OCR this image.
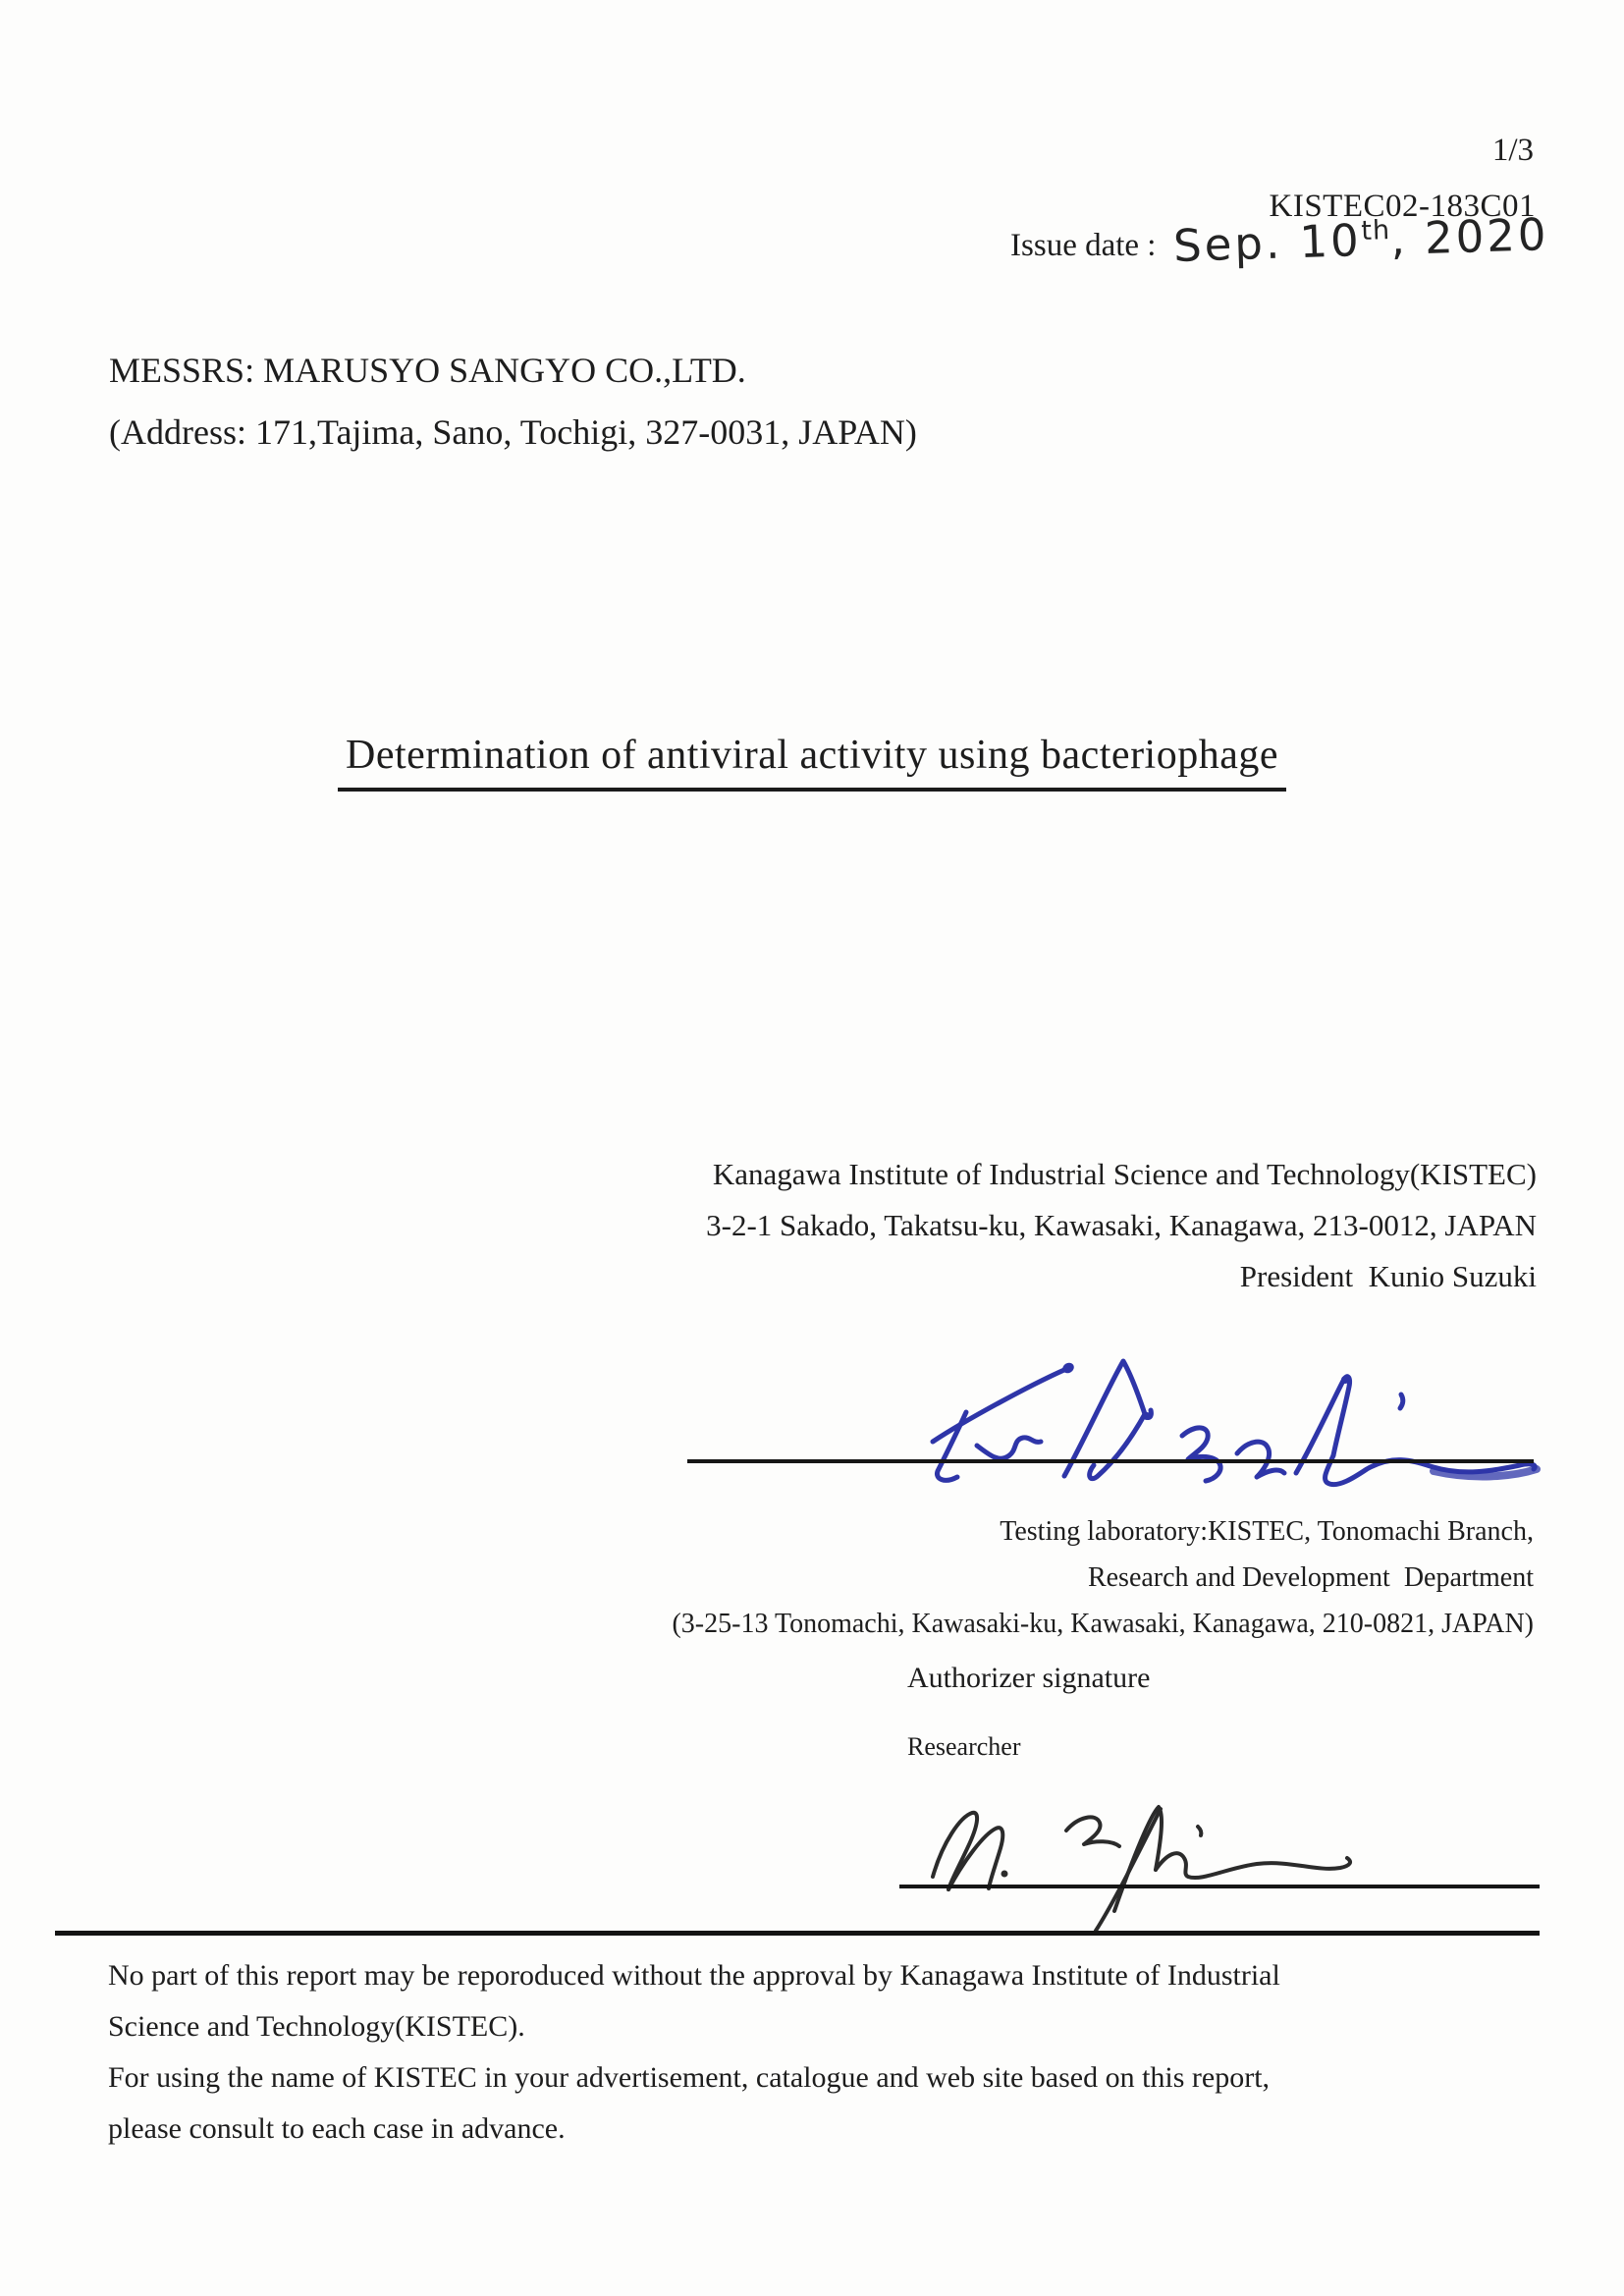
1/3
KISTEC02-183C01
Issue date : Sep. 10th, 2020
MESSRS: MARUSYO SANGYO CO.,LTD.
(Address: 171,Tajima, Sano, Tochigi, 327-0031, JAPAN)
Determination of antiviral activity using bacteriophage
Kanagawa Institute of Industrial Science and Technology(KISTEC)
3-2-1 Sakado, Takatsu-ku, Kawasaki, Kanagawa, 213-0012, JAPAN
President  Kunio Suzuki
Testing laboratory:KISTEC, Tonomachi Branch,
Research and Development  Department
(3-25-13 Tonomachi, Kawasaki-ku, Kawasaki, Kanagawa, 210-0821, JAPAN)
Authorizer signature
Researcher
No part of this report may be reporoduced without the approval by Kanagawa Institute of Industrial
Science and Technology(KISTEC).
For using the name of KISTEC in your advertisement, catalogue and web site based on this report,
please consult to each case in advance.
